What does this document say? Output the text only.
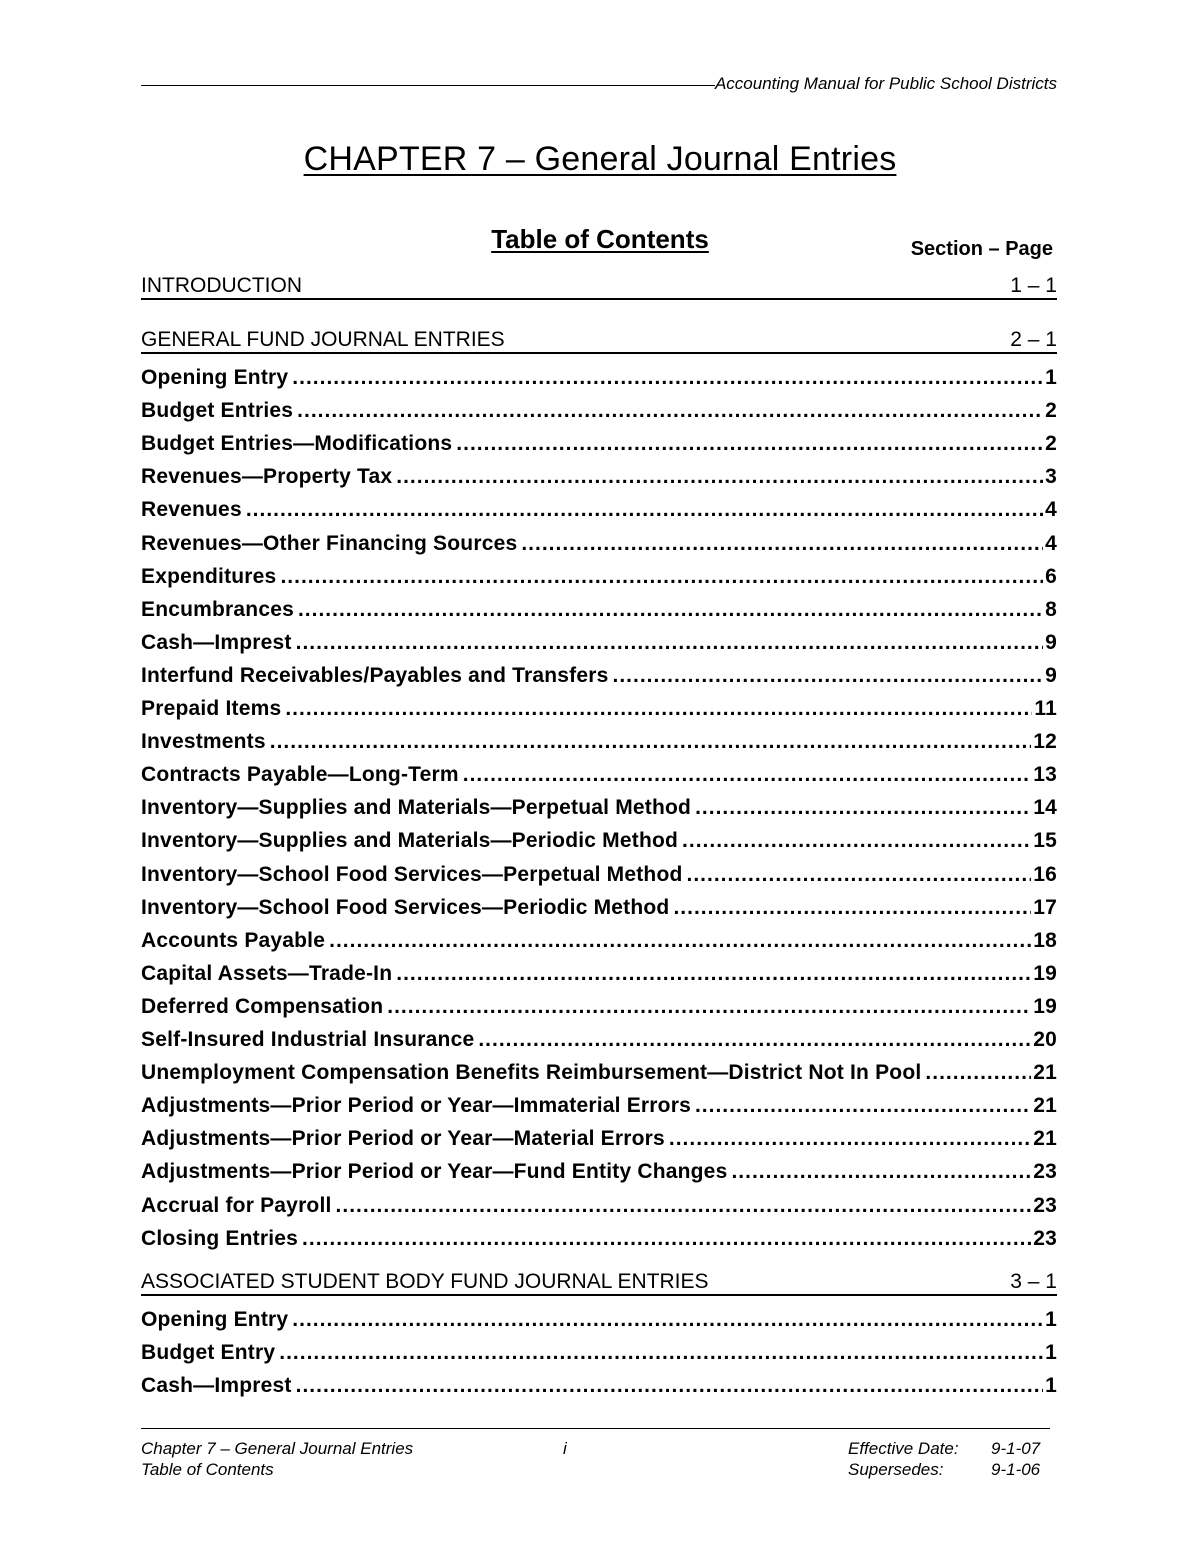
Accounting Manual for Public School Districts
CHAPTER 7 – General Journal Entries
Table of Contents	Section – Page
INTRODUCTION	1 – 1
GENERAL FUND JOURNAL ENTRIES	2 – 1
Opening Entry .....	1
Budget Entries .....	2
Budget Entries—Modifications .....	2
Revenues—Property Tax .....	3
Revenues .....	4
Revenues—Other Financing Sources .....	4
Expenditures .....	6
Encumbrances .....	8
Cash—Imprest .....	9
Interfund Receivables/Payables and Transfers .....	9
Prepaid Items .....	11
Investments .....	12
Contracts Payable—Long-Term .....	13
Inventory—Supplies and Materials—Perpetual Method .....	14
Inventory—Supplies and Materials—Periodic Method .....	15
Inventory—School Food Services—Perpetual Method .....	16
Inventory—School Food Services—Periodic Method .....	17
Accounts Payable .....	18
Capital Assets—Trade-In .....	19
Deferred Compensation .....	19
Self-Insured Industrial Insurance .....	20
Unemployment Compensation Benefits Reimbursement—District Not In Pool .....	21
Adjustments—Prior Period or Year—Immaterial Errors .....	21
Adjustments—Prior Period or Year—Material Errors .....	21
Adjustments—Prior Period or Year—Fund Entity Changes .....	23
Accrual for Payroll .....	23
Closing Entries .....	23
ASSOCIATED STUDENT BODY FUND JOURNAL ENTRIES	3 – 1
Opening Entry .....	1
Budget Entry .....	1
Cash—Imprest .....	1
Chapter 7 – General Journal Entries
Table of Contents
i	Effective Date:
Supersedes:
9-1-07
9-1-06
